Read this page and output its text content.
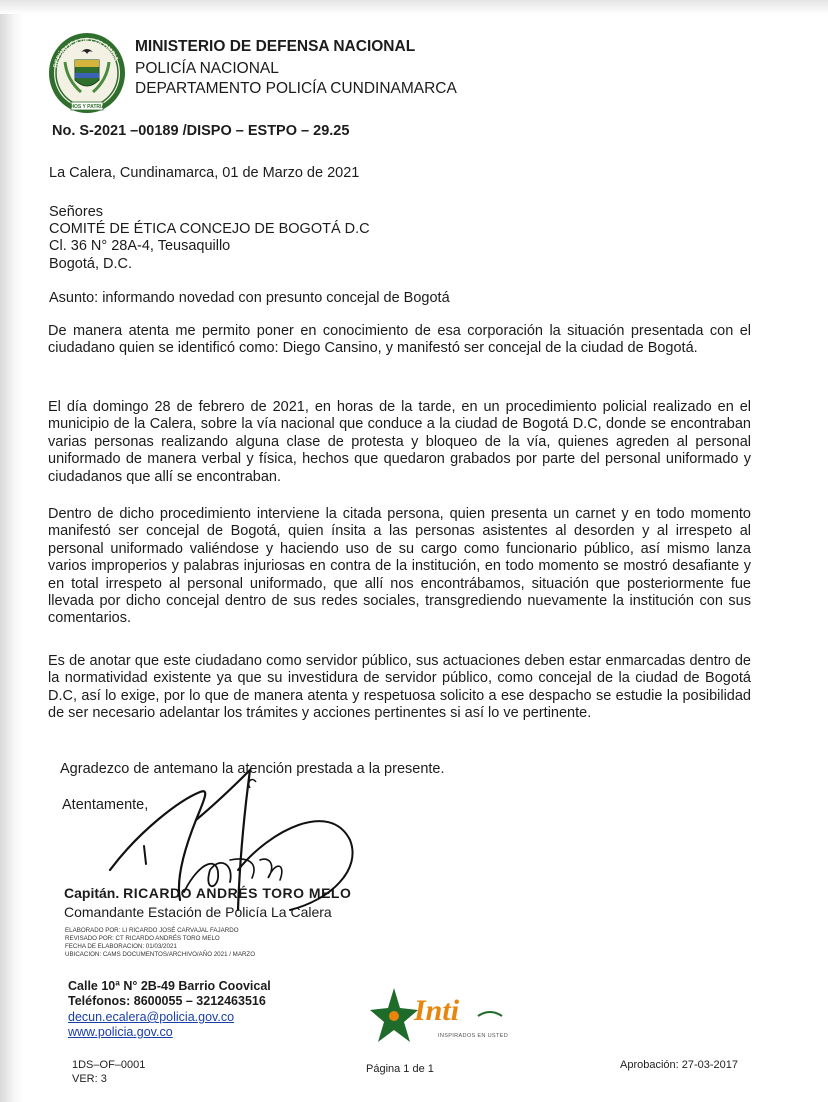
REPÚBLICA DE COLOMBIA
DIOS Y PATRIA
MINISTERIO DE DEFENSA NACIONAL
POLICÍA NACIONAL
DEPARTAMENTO POLICÍA CUNDINAMARCA
No. S-2021 –00189 /DISPO – ESTPO – 29.25
La Calera, Cundinamarca, 01 de Marzo de 2021
Señores
COMITÉ DE ÉTICA CONCEJO DE BOGOTÁ D.C
Cl. 36 N° 28A-4, Teusaquillo
Bogotá, D.C.
Asunto: informando novedad con presunto concejal de Bogotá
De manera atenta me permito poner en conocimiento de esa corporación la situación presentada con el ciudadano quien se identificó como: Diego Cansino, y manifestó ser concejal de la ciudad de Bogotá.
El día domingo 28 de febrero de 2021, en horas de la tarde, en un procedimiento policial realizado en el municipio de la Calera, sobre la vía nacional que conduce a la ciudad de Bogotá D.C, donde se encontraban varias personas realizando alguna clase de protesta y bloqueo de la vía, quienes agreden al personal uniformado de manera verbal y física, hechos que quedaron grabados por parte del personal uniformado y ciudadanos que allí se encontraban.
Dentro de dicho procedimiento interviene la citada persona, quien presenta un carnet y en todo momento manifestó ser concejal de Bogotá, quien ínsita a las personas asistentes al desorden y al irrespeto al personal uniformado valiéndose y haciendo uso de su cargo como funcionario público, así mismo lanza varios improperios y palabras injuriosas en contra de la institución, en todo momento se mostró desafiante y en total irrespeto al personal uniformado, que allí nos encontrábamos, situación que posteriormente fue llevada por dicho concejal dentro de sus redes sociales, transgrediendo nuevamente la institución con sus comentarios.
Es de anotar que este ciudadano como servidor público, sus actuaciones deben estar enmarcadas dentro de la normatividad existente ya que su investidura de servidor público, como concejal de la ciudad de Bogotá D.C, así lo exige, por lo que de manera atenta y respetuosa solicito a ese despacho se estudie la posibilidad de ser necesario adelantar los trámites y acciones pertinentes si así lo ve pertinente.
Agradezco de antemano la atención prestada a la presente.
Atentamente,
Capitán. RICARDO ANDRÉS TORO MELO
Comandante Estación de Policía La Calera
ELABORADO POR: LI RICARDO JOSÉ CARVAJAL FAJARDO
REVISADO POR: CT RICARDO ANDRÉS TORO MELO
FECHA DE ELABORACION: 01/03/2021
UBICACION: CAMS DOCUMENTOS/ARCHIVO/AÑO 2021 / MARZO
Calle 10ª N° 2B-49 Barrio Coovical
Teléfonos: 8600055 – 3212463516
decun.ecalera@policia.gov.co
www.policia.gov.co
Inti
INSPIRADOS EN USTED
1DS–OF–0001
VER: 3
Página 1 de 1	Aprobación: 27-03-2017
